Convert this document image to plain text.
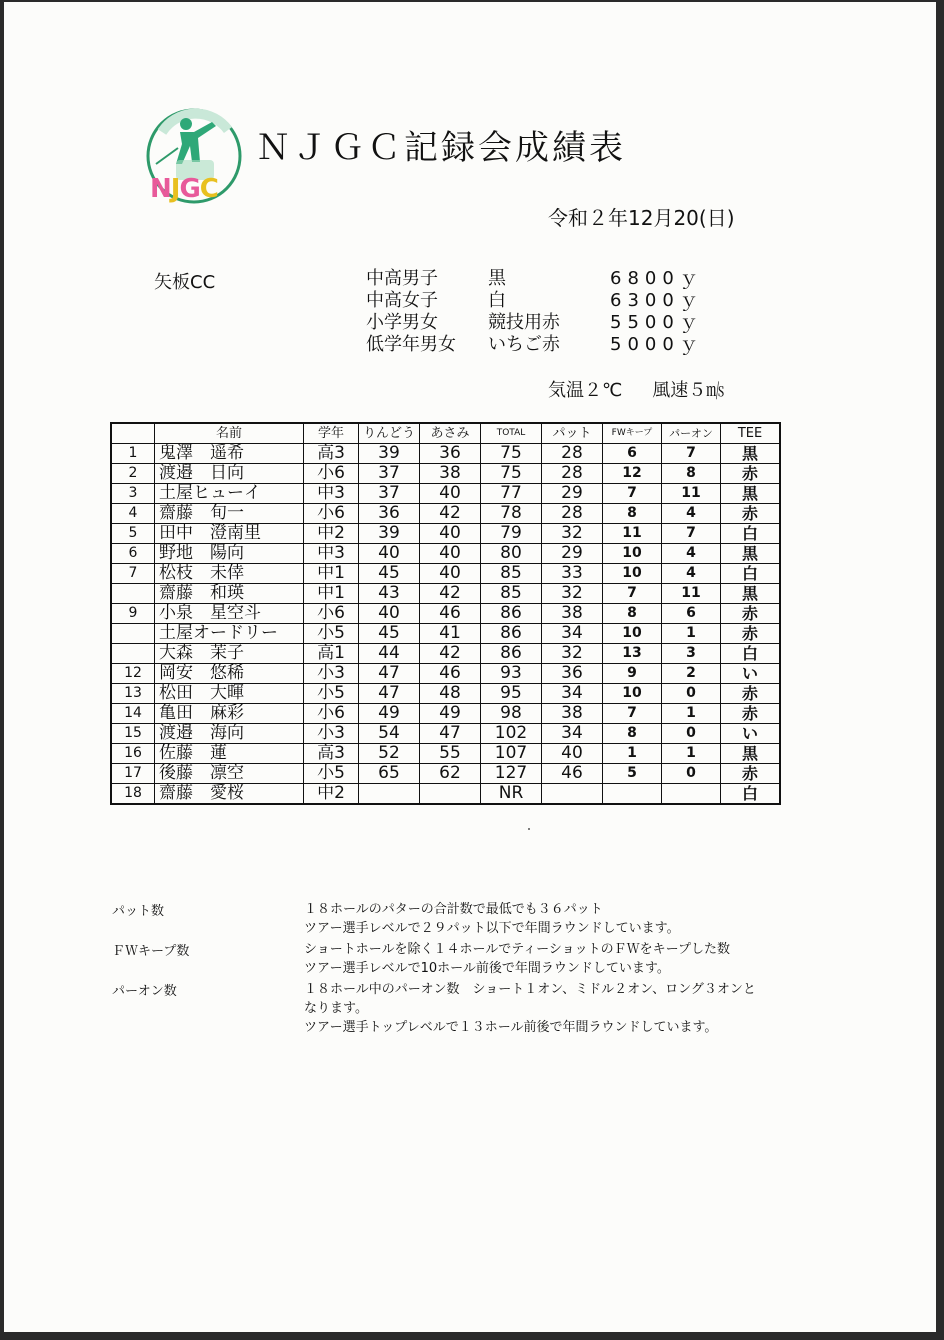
NJGC
ＮＪＧＣ記録会成績表
令和２年12月20(日)
矢板CC	中高男子	黒	6800ｙ
中高女子	白	6300ｙ
小学男女	競技用赤	5500ｙ
低学年男女 いちご赤	5000ｙ
気温２℃ 風速５㎧
	名前	学年	りんどう	あさみ	TOTAL	パット	FWキープ	パーオン	TEE
1	鬼澤　遥希	高3	39	36	75	28	6	7	黒
2	渡邉　日向	小6	37	38	75	28	12	8	赤
3	土屋ヒューイ	中3	37	40	77	29	7	11	黒
4	齋藤　旬一	小6	36	42	78	28	8	4	赤
5	田中　澄南里	中2	39	40	79	32	11	7	白
6	野地　陽向	中3	40	40	80	29	10	4	黒
7	松枝　未倖	中1	45	40	85	33	10	4	白
	齋藤　和瑛	中1	43	42	85	32	7	11	黒
9	小泉　星空斗	小6	40	46	86	38	8	6	赤
	土屋オードリー	小5	45	41	86	34	10	1	赤
	大森　茉子	高1	44	42	86	32	13	3	白
12	岡安　悠稀	小3	47	46	93	36	9	2	い
13	松田　大暉	小5	47	48	95	34	10	0	赤
14	亀田　麻彩	小6	49	49	98	38	7	1	赤
15	渡邉　海向	小3	54	47	102	34	8	0	い
16	佐藤　蓮	高3	52	55	107	40	1	1	黒
17	後藤　凛空	小5	65	62	127	46	5	0	赤
18	齋藤　愛桜	中2			NR				白
パット数	１８ホールのパターの合計数で最低でも３６パット
ツアー選手レベルで２９パット以下で年間ラウンドしています。
ＦＷキープ数	ショートホールを除く１４ホールでティーショットのＦＷをキープした数
ツアー選手レベルで10ホール前後で年間ラウンドしています。
パーオン数	１８ホール中のパーオン数　ショート１オン、ミドル２オン、ロング３オンと
なります。
ツアー選手トップレベルで１３ホール前後で年間ラウンドしています。
